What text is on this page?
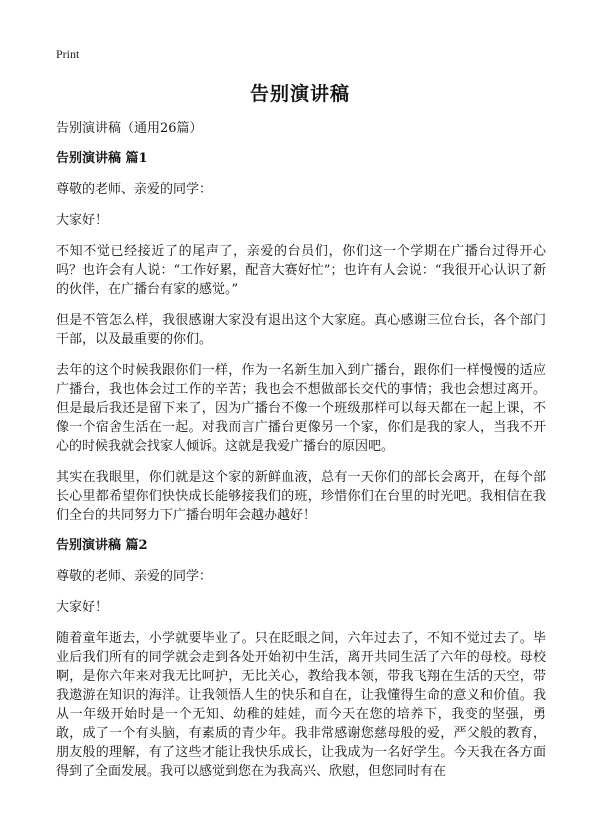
Print
告别演讲稿

告别演讲稿（通用26篇）

告别演讲稿 篇1

尊敬的老师、亲爱的同学：

大家好！

不知不觉已经接近了的尾声了，亲爱的台员们，你们这一个学期在广播台过得开心吗？也许会有人说：“工作好累，配音大赛好忙”；也许有人会说：“我很开心认识了新的伙伴，在广播台有家的感觉。”

但是不管怎么样，我很感谢大家没有退出这个大家庭。真心感谢三位台长，各个部门干部，以及最重要的你们。

去年的这个时候我跟你们一样，作为一名新生加入到广播台，跟你们一样慢慢的适应广播台，我也体会过工作的辛苦；我也会不想做部长交代的事情；我也会想过离开。但是最后我还是留下来了，因为广播台不像一个班级那样可以每天都在一起上课，不像一个宿舍生活在一起。对我而言广播台更像另一个家，你们是我的家人，当我不开心的时候我就会找家人倾诉。这就是我爱广播台的原因吧。

其实在我眼里，你们就是这个家的新鲜血液，总有一天你们的部长会离开，在每个部长心里都希望你们快快成长能够接我们的班，珍惜你们在台里的时光吧。我相信在我们全台的共同努力下广播台明年会越办越好！

告别演讲稿 篇2

尊敬的老师、亲爱的同学：

大家好！

随着童年逝去，小学就要毕业了。只在眨眼之间，六年过去了，不知不觉过去了。毕业后我们所有的同学就会走到各处开始初中生活，离开共同生活了六年的母校。母校啊，是你六年来对我无比呵护，无比关心，教给我本领，带我飞翔在生活的天空，带我遨游在知识的海洋。让我领悟人生的快乐和自在，让我懂得生命的意义和价值。我从一年级开始时是一个无知、幼稚的娃娃，而今天在您的培养下，我变的坚强，勇敢，成了一个有头脑，有素质的青少年。我非常感谢您慈母般的爱，严父般的教育，朋友般的理解，有了这些才能让我快乐成长，让我成为一名好学生。今天我在各方面得到了全面发展。我可以感觉到您在为我高兴、欣慰，但您同时有在
